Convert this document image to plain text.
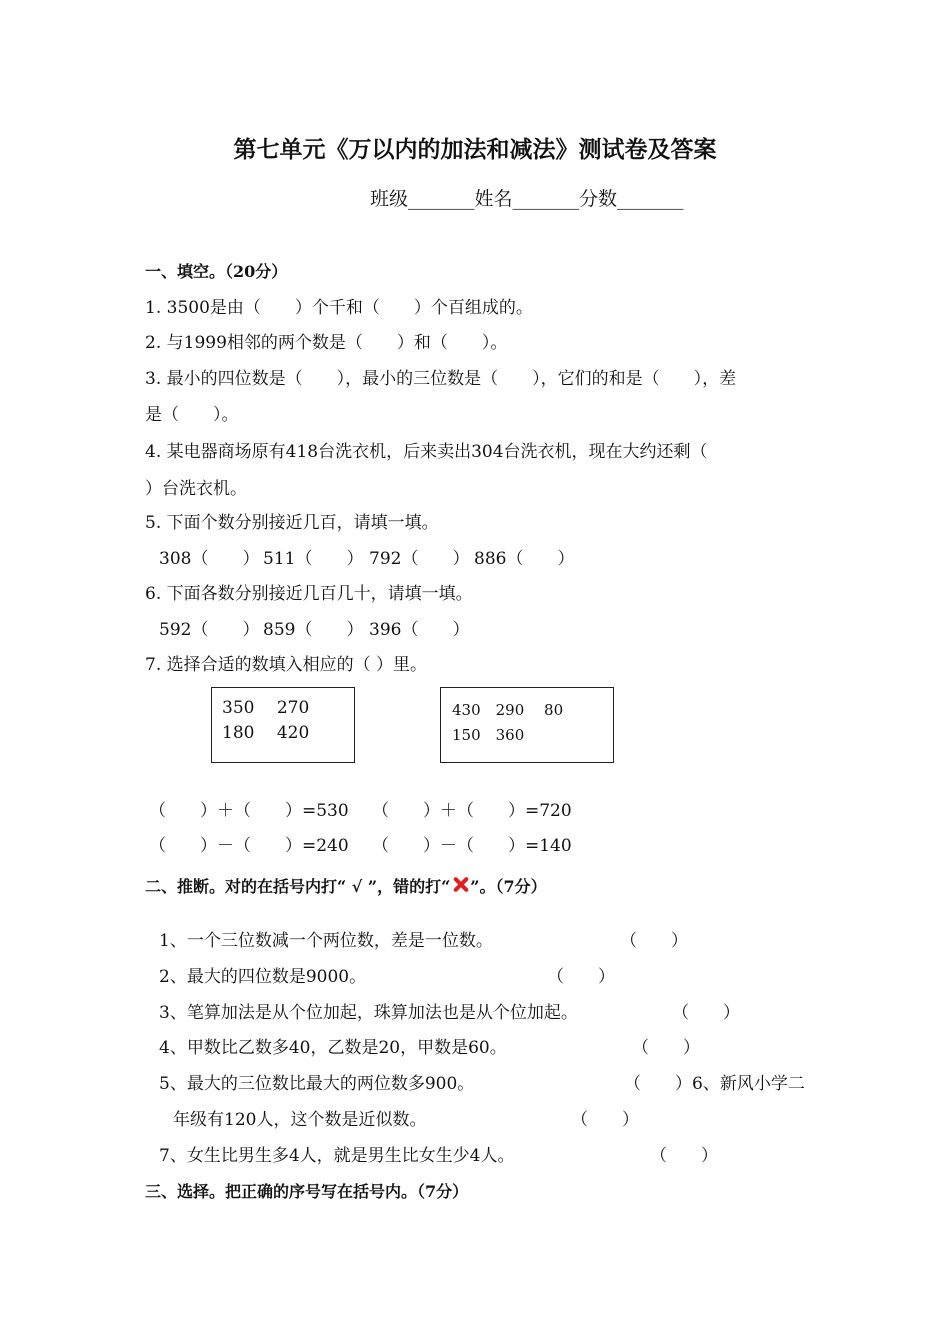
第七单元《万以内的加法和减法》测试卷及答案
班级_______姓名_______分数_______
一、填空。（20分）
1. 3500是由（　　）个千和（　　）个百组成的。
2. 与1999相邻的两个数是（　　）和（　　）。
3. 最小的四位数是（　　），最小的三位数是（　　），它们的和是（　　），差
是（　　）。
4. 某电器商场原有418台洗衣机，后来卖出304台洗衣机，现在大约还剩（
）台洗衣机。
5. 下面个数分别接近几百，请填一填。
308（　　） 511（　　） 792（　　） 886（　　）
6. 下面各数分别接近几百几十，请填一填。
592（　　） 859（　　） 396（　　）
7. 选择合适的数填入相应的（ ）里。
350　 270
180　 420
430　290　 80
150　360
（　　）＋（　　）=530 （　　）＋（　　）=720
（　　）－（　　）=240 （　　）－（　　）=140
二、推断。对的在括号内打“ √ ”，错的打“ ”。（7分）
1、一个三位数减一个两位数，差是一位数。	（　　）
2、最大的四位数是9000。	（　　）
3、笔算加法是从个位加起，珠算加法也是从个位加起。	（　　）
4、甲数比乙数多40，乙数是20，甲数是60。	（　　）
5、最大的三位数比最大的两位数多900。	（　　）6、新风小学二
年级有120人，这个数是近似数。	（　　）
7、女生比男生多4人，就是男生比女生少4人。	（　　）
三、选择。把正确的序号写在括号内。（7分）
